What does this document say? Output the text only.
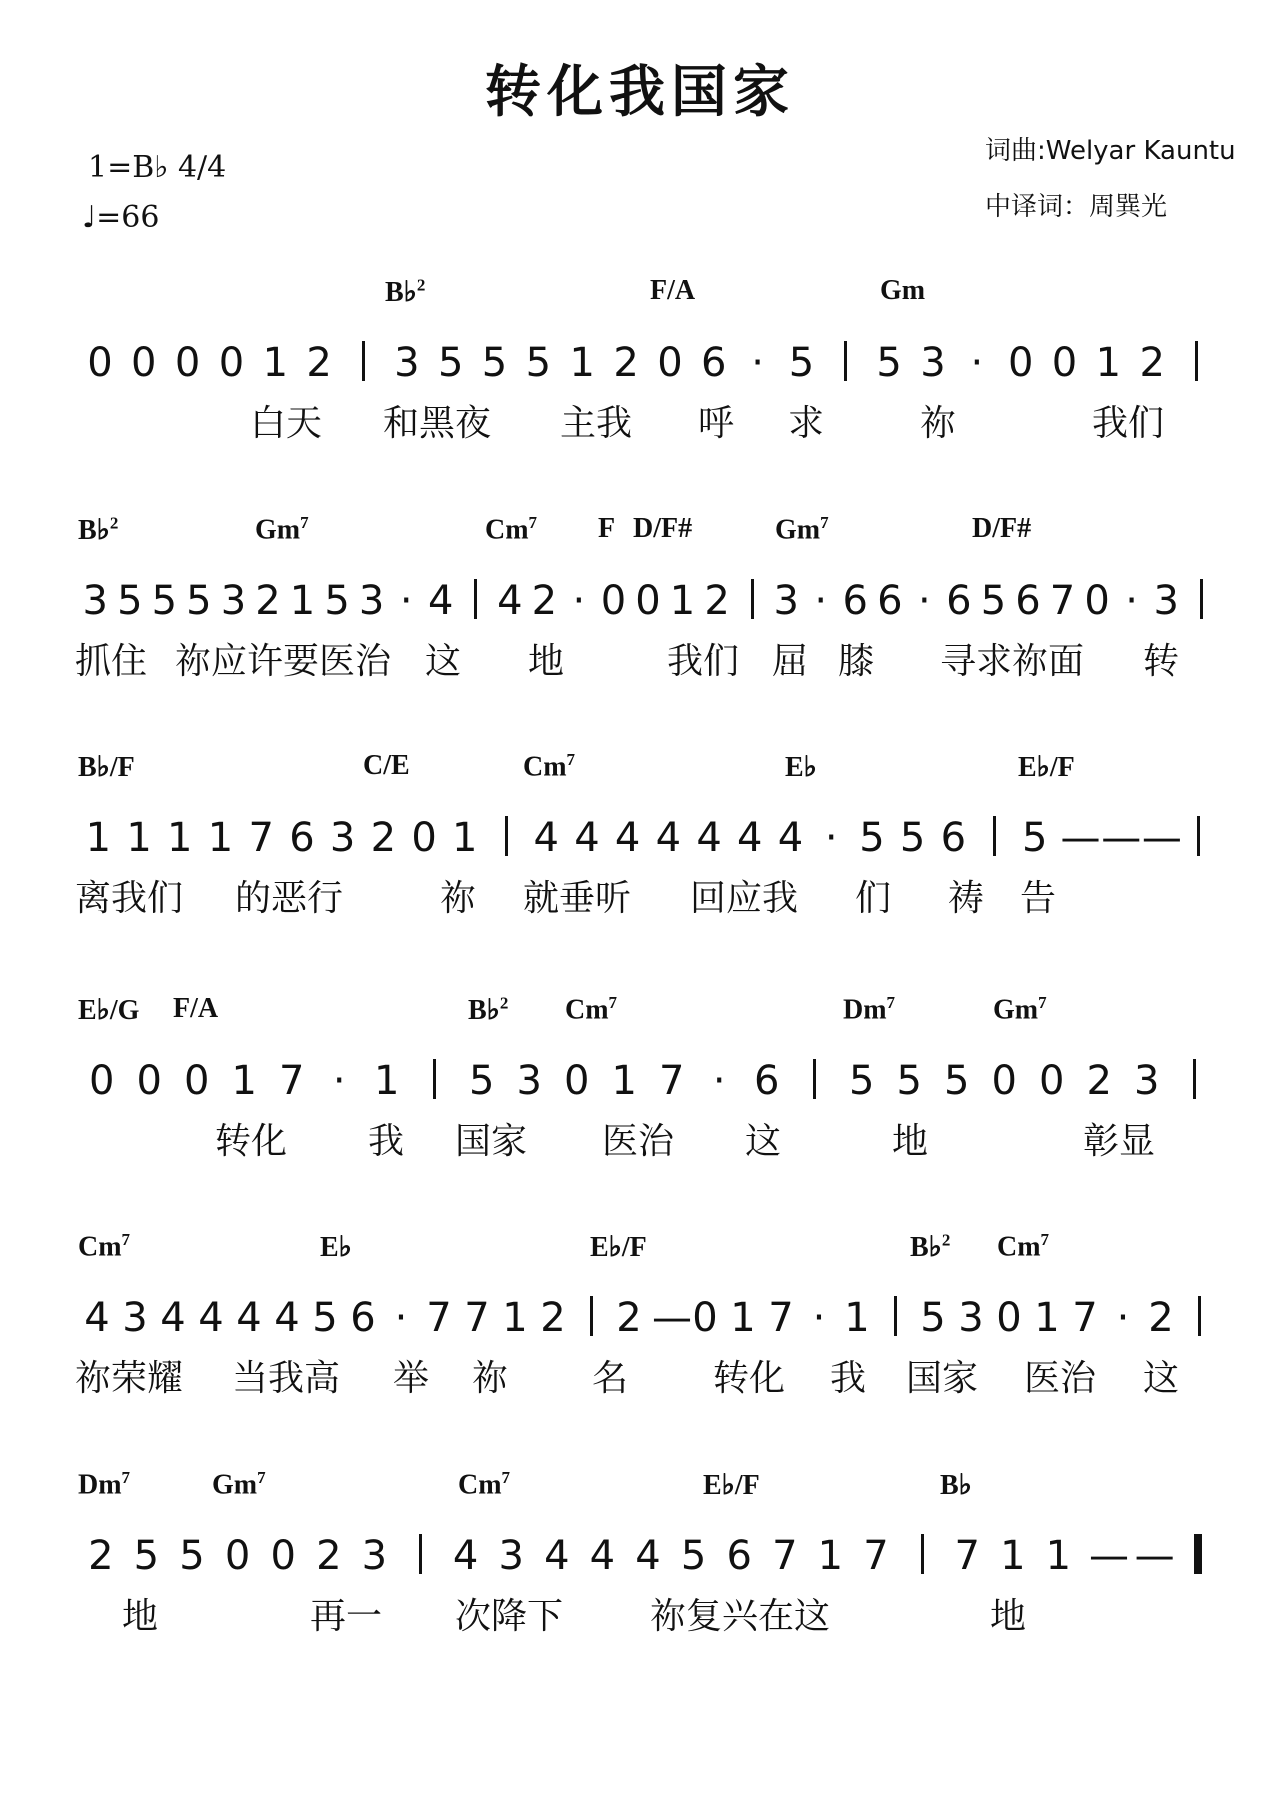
转化我国家
1=B♭ 4/4
♩=66
词曲:Welyar Kauntu
中译词：周巽光
B♭$^2$	F/A	Gm
0 0 0 0 1 2 3 5 5 5 1 2 0 6 · 5 5 3 · 0 0 1 2
白天 和黑夜 主我 呼 求	祢	我们
B♭$^2$	Gm$^7$	Cm$^7$ F D/F#	Gm$^7$	D/F#
3 5 5 5 3 2 1 5 3 · 4 4 2 · 0 0 1 2 3 · 6 6 · 6 5 6 7 0 · 3
抓住 祢应许要医治 这 地	我们 屈 膝 寻求祢面 转
B♭/F	C/E	Cm$^7$	E♭	E♭/F
1 1 1 1 7 6 3 2 0 1 4 4 4 4 4 4 4 · 5 5 6 5 — — —
离我们 的恶行	祢 就垂听 回应我 们 祷 告
E♭/G F/A	B♭$^2$ Cm$^7$	Dm$^7$	Gm$^7$
0 0 0 1 7 · 1 5 3 0 1 7 · 6 5 5 5 0 0 2 3
转化 我 国家 医治 这	地	彰显
Cm$^7$	E♭	E♭/F	B♭$^2$ Cm$^7$
4 3 4 4 4 4 5 6 · 7 7 1 2 2 — 0 1 7 · 1 5 3 0 1 7 · 2
祢荣耀 当我高 举 祢 名 转化 我 国家 医治 这
Dm$^7$	Gm$^7$	Cm$^7$	E♭/F	B♭
2 5 5 0 0 2 3 4 3 4 4 4 5 6 7 1 7 7 1 1 — —
地	再一 次降下 祢复兴在这	地
